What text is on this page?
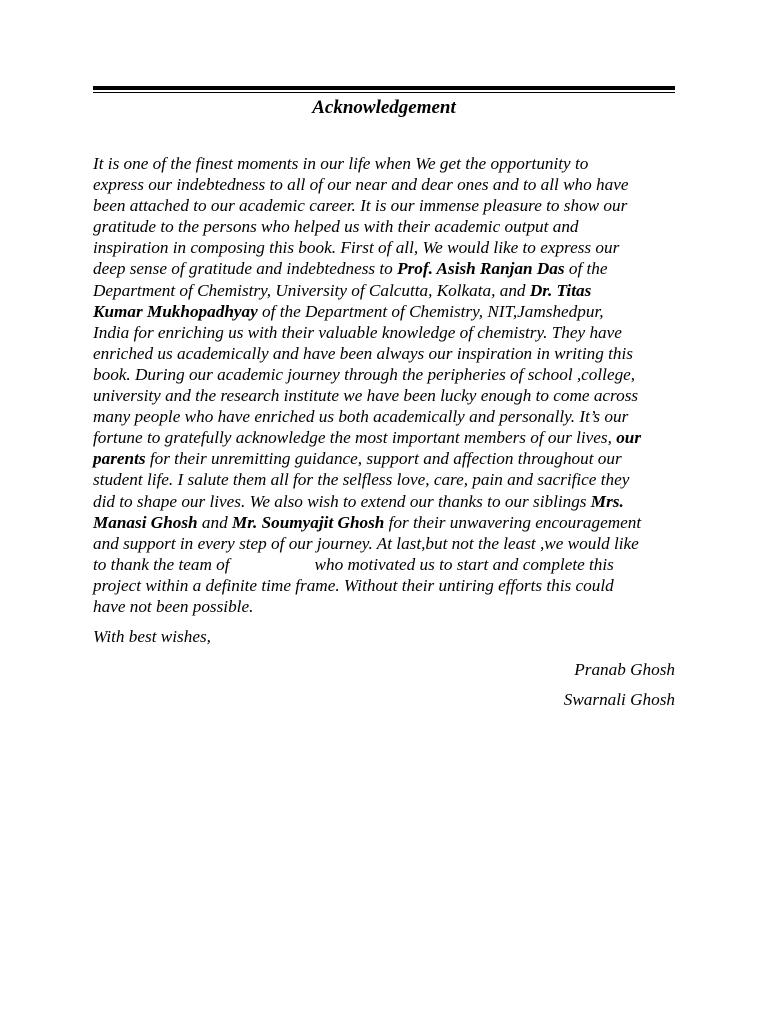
Acknowledgement
It is one of the finest moments in our life when We get the opportunity to
express our indebtedness to all of our near and dear ones and to all who have
been attached to our academic career. It is our immense pleasure to show our
gratitude to the persons who helped us with their academic output and
inspiration in composing this book. First of all, We would like to express our
deep sense of gratitude and indebtedness to Prof. Asish Ranjan Das of the
Department of Chemistry, University of Calcutta, Kolkata, and Dr. Titas
Kumar Mukhopadhyay of the Department of Chemistry, NIT,Jamshedpur,
India for enriching us with their valuable knowledge of chemistry. They have
enriched us academically and have been always our inspiration in writing this
book. During our academic journey through the peripheries of school ,college,
university and the research institute we have been lucky enough to come across
many people who have enriched us both academically and personally. It’s our
fortune to gratefully acknowledge the most important members of our lives, our
parents for their unremitting guidance, support and affection throughout our
student life. I salute them all for the selfless love, care, pain and sacrifice they
did to shape our lives. We also wish to extend our thanks to our siblings Mrs.
Manasi Ghosh and Mr. Soumyajit Ghosh for their unwavering encouragement
and support in every step of our journey. At last,but not the least ,we would like
to thank the team of	who motivated us to start and complete this
project within a definite time frame. Without their untiring efforts this could
have not been possible.
With best wishes,
Pranab Ghosh
Swarnali Ghosh
